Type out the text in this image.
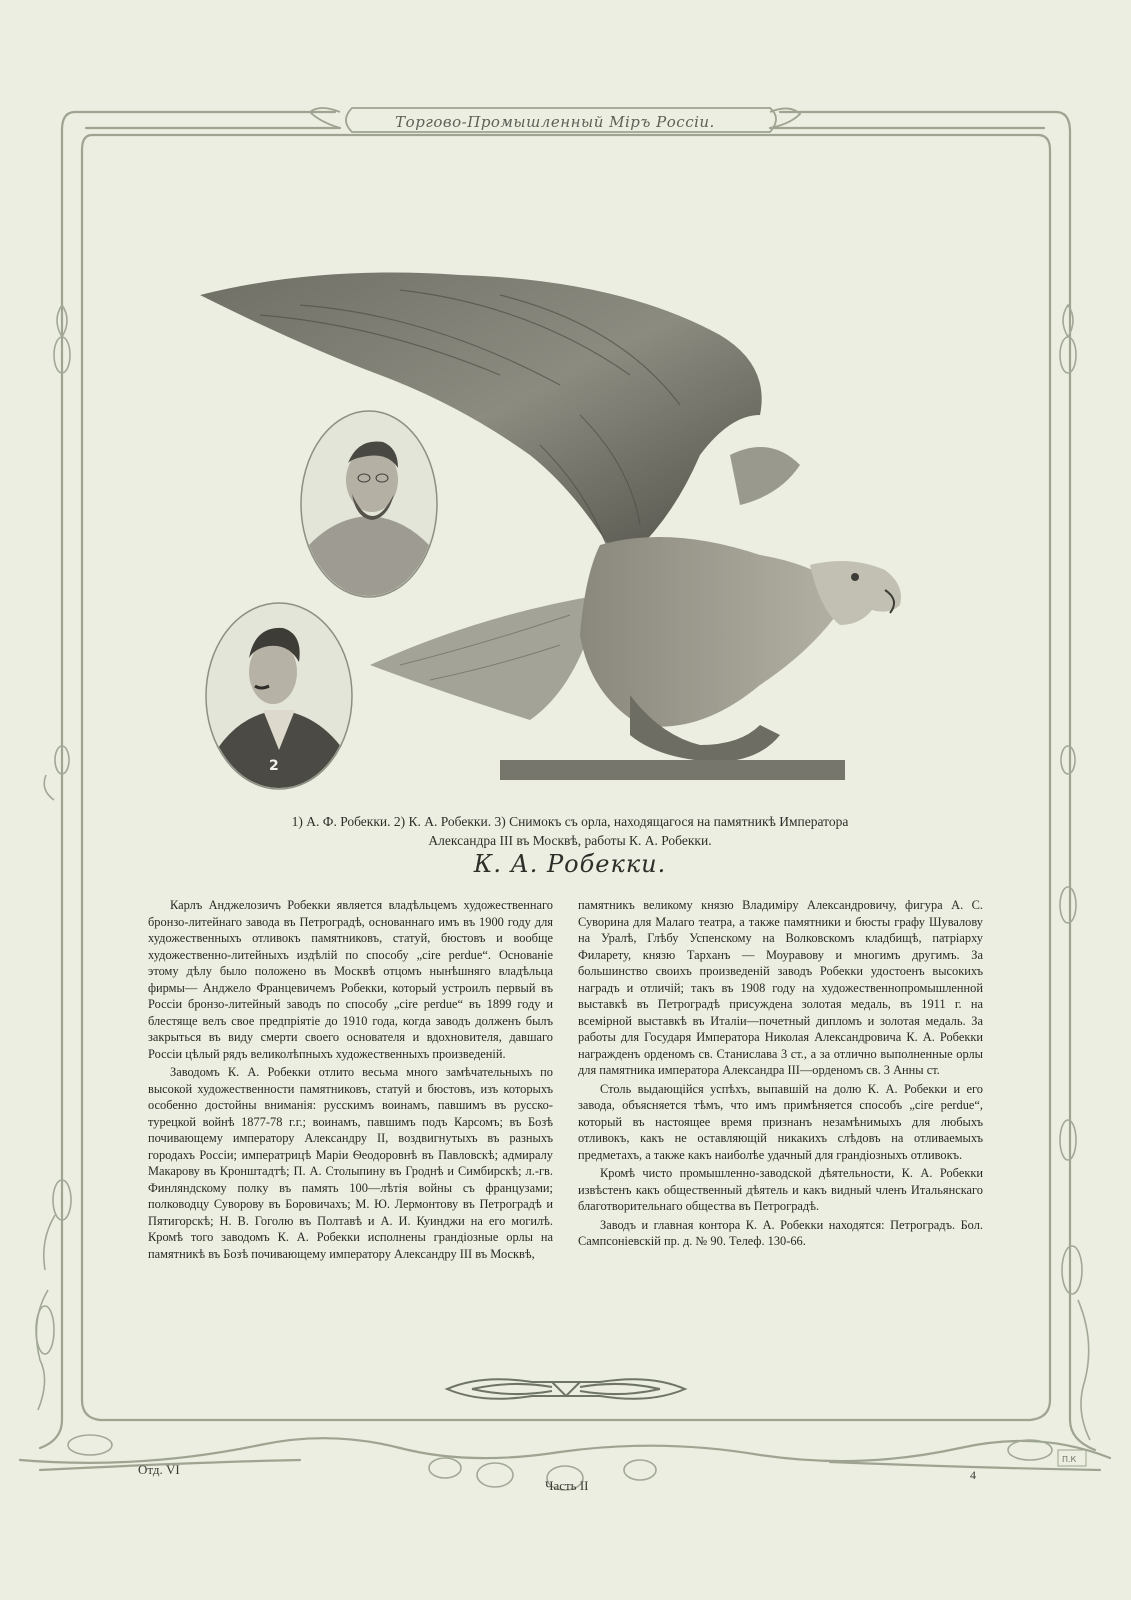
Торгово-Промышленный Міръ Россіи.
2
1) А. Ф. Робекки. 2) К. А. Робекки. 3) Снимокъ съ орла, находящагося на памятникѣ Императора
Александра III въ Москвѣ, работы К. А. Робекки.
К. А. Робекки.

Карлъ Анджелозичъ Робекки является владѣльцемъ художественнаго бронзо-литейнаго завода въ Петроградѣ, основаннаго имъ въ 1900 году для художественныхъ отливокъ памятниковъ, статуй, бюстовъ и вообще художественно-литейныхъ издѣлій по способу „cire perdue“. Основаніе этому дѣлу было положено въ Москвѣ отцомъ нынѣшняго владѣльца фирмы— Анджело Францевичемъ Робекки, который устроилъ первый въ Россіи бронзо-литейный заводъ по способу „cire perdue“ въ 1899 году и блестяще велъ свое предпріятіе до 1910 года, когда заводъ долженъ былъ закрыться въ виду смерти своего основателя и вдохновителя, давшаго Россіи цѣлый рядъ великолѣпныхъ художественныхъ произведеній.

Заводомъ К. А. Робекки отлито весьма много замѣчательныхъ по высокой художественности памятниковъ, статуй и бюстовъ, изъ которыхъ особенно достойны вниманія: русскимъ воинамъ, павшимъ въ русско-турецкой войнѣ 1877-78 г.г.; воинамъ, павшимъ подъ Карсомъ; въ Бозѣ почивающему императору Александру II, воздвигнутыхъ въ разныхъ городахъ Россіи; императрицѣ Маріи Ѳеодоровнѣ въ Павловскѣ; адмиралу Макарову въ Кронштадтѣ; П. А. Столыпину въ Гроднѣ и Симбирскѣ; л.-гв. Финляндскому полку въ память 100—лѣтія войны съ французами; полководцу Суворову въ Боровичахъ; М. Ю. Лермонтову въ Петроградѣ и Пятигорскѣ; Н. В. Гоголю въ Полтавѣ и А. И. Куинджи на его могилѣ. Кромѣ того заводомъ К. А. Робекки исполнены грандіозные орлы на памятникѣ въ Бозѣ почивающему императору Александру III въ Москвѣ,

памятникъ великому князю Владиміру Александровичу, фигура А. С. Суворина для Малаго театра, а также памятники и бюсты графу Шувалову на Уралѣ, Глѣбу Успенскому на Волковскомъ кладбищѣ, патріарху Филарету, князю Тарханъ — Моуравову и многимъ другимъ. За большинство своихъ произведеній заводъ Робекки удостоенъ высокихъ наградъ и отличій; такъ въ 1908 году на художественнопромышленной выставкѣ въ Петроградѣ присуждена золотая медаль, въ 1911 г. на всемірной выставкѣ въ Италіи—почетный дипломъ и золотая медаль. За работы для Государя Императора Николая Александровича К. А. Робекки награжденъ орденомъ св. Станислава 3 ст., а за отлично выполненные орлы для памятника императора Александра III—орденомъ св. 3 Анны ст.

Столь выдающійся успѣхъ, выпавшій на долю К. А. Робекки и его завода, объясняется тѣмъ, что имъ примѣняется способъ „cire perdue“, который въ настоящее время признанъ незамѣнимыхъ для любыхъ отливокъ, какъ не оставляющій никакихъ слѣдовъ на отливаемыхъ предметахъ, а также какъ наиболѣе удачный для грандіозныхъ отливокъ.

Кромѣ чисто промышленно-заводской дѣятельности, К. А. Робекки извѣстенъ какъ общественный дѣятель и какъ видный членъ Итальянскаго благотворительнаго общества въ Петроградѣ.

Заводъ и главная контора К. А. Робекки находятся: Петроградъ. Бол. Сампсоніевскій пр. д. № 90. Телеф. 130-66.

П.К
Отд. VI
Часть II
4
